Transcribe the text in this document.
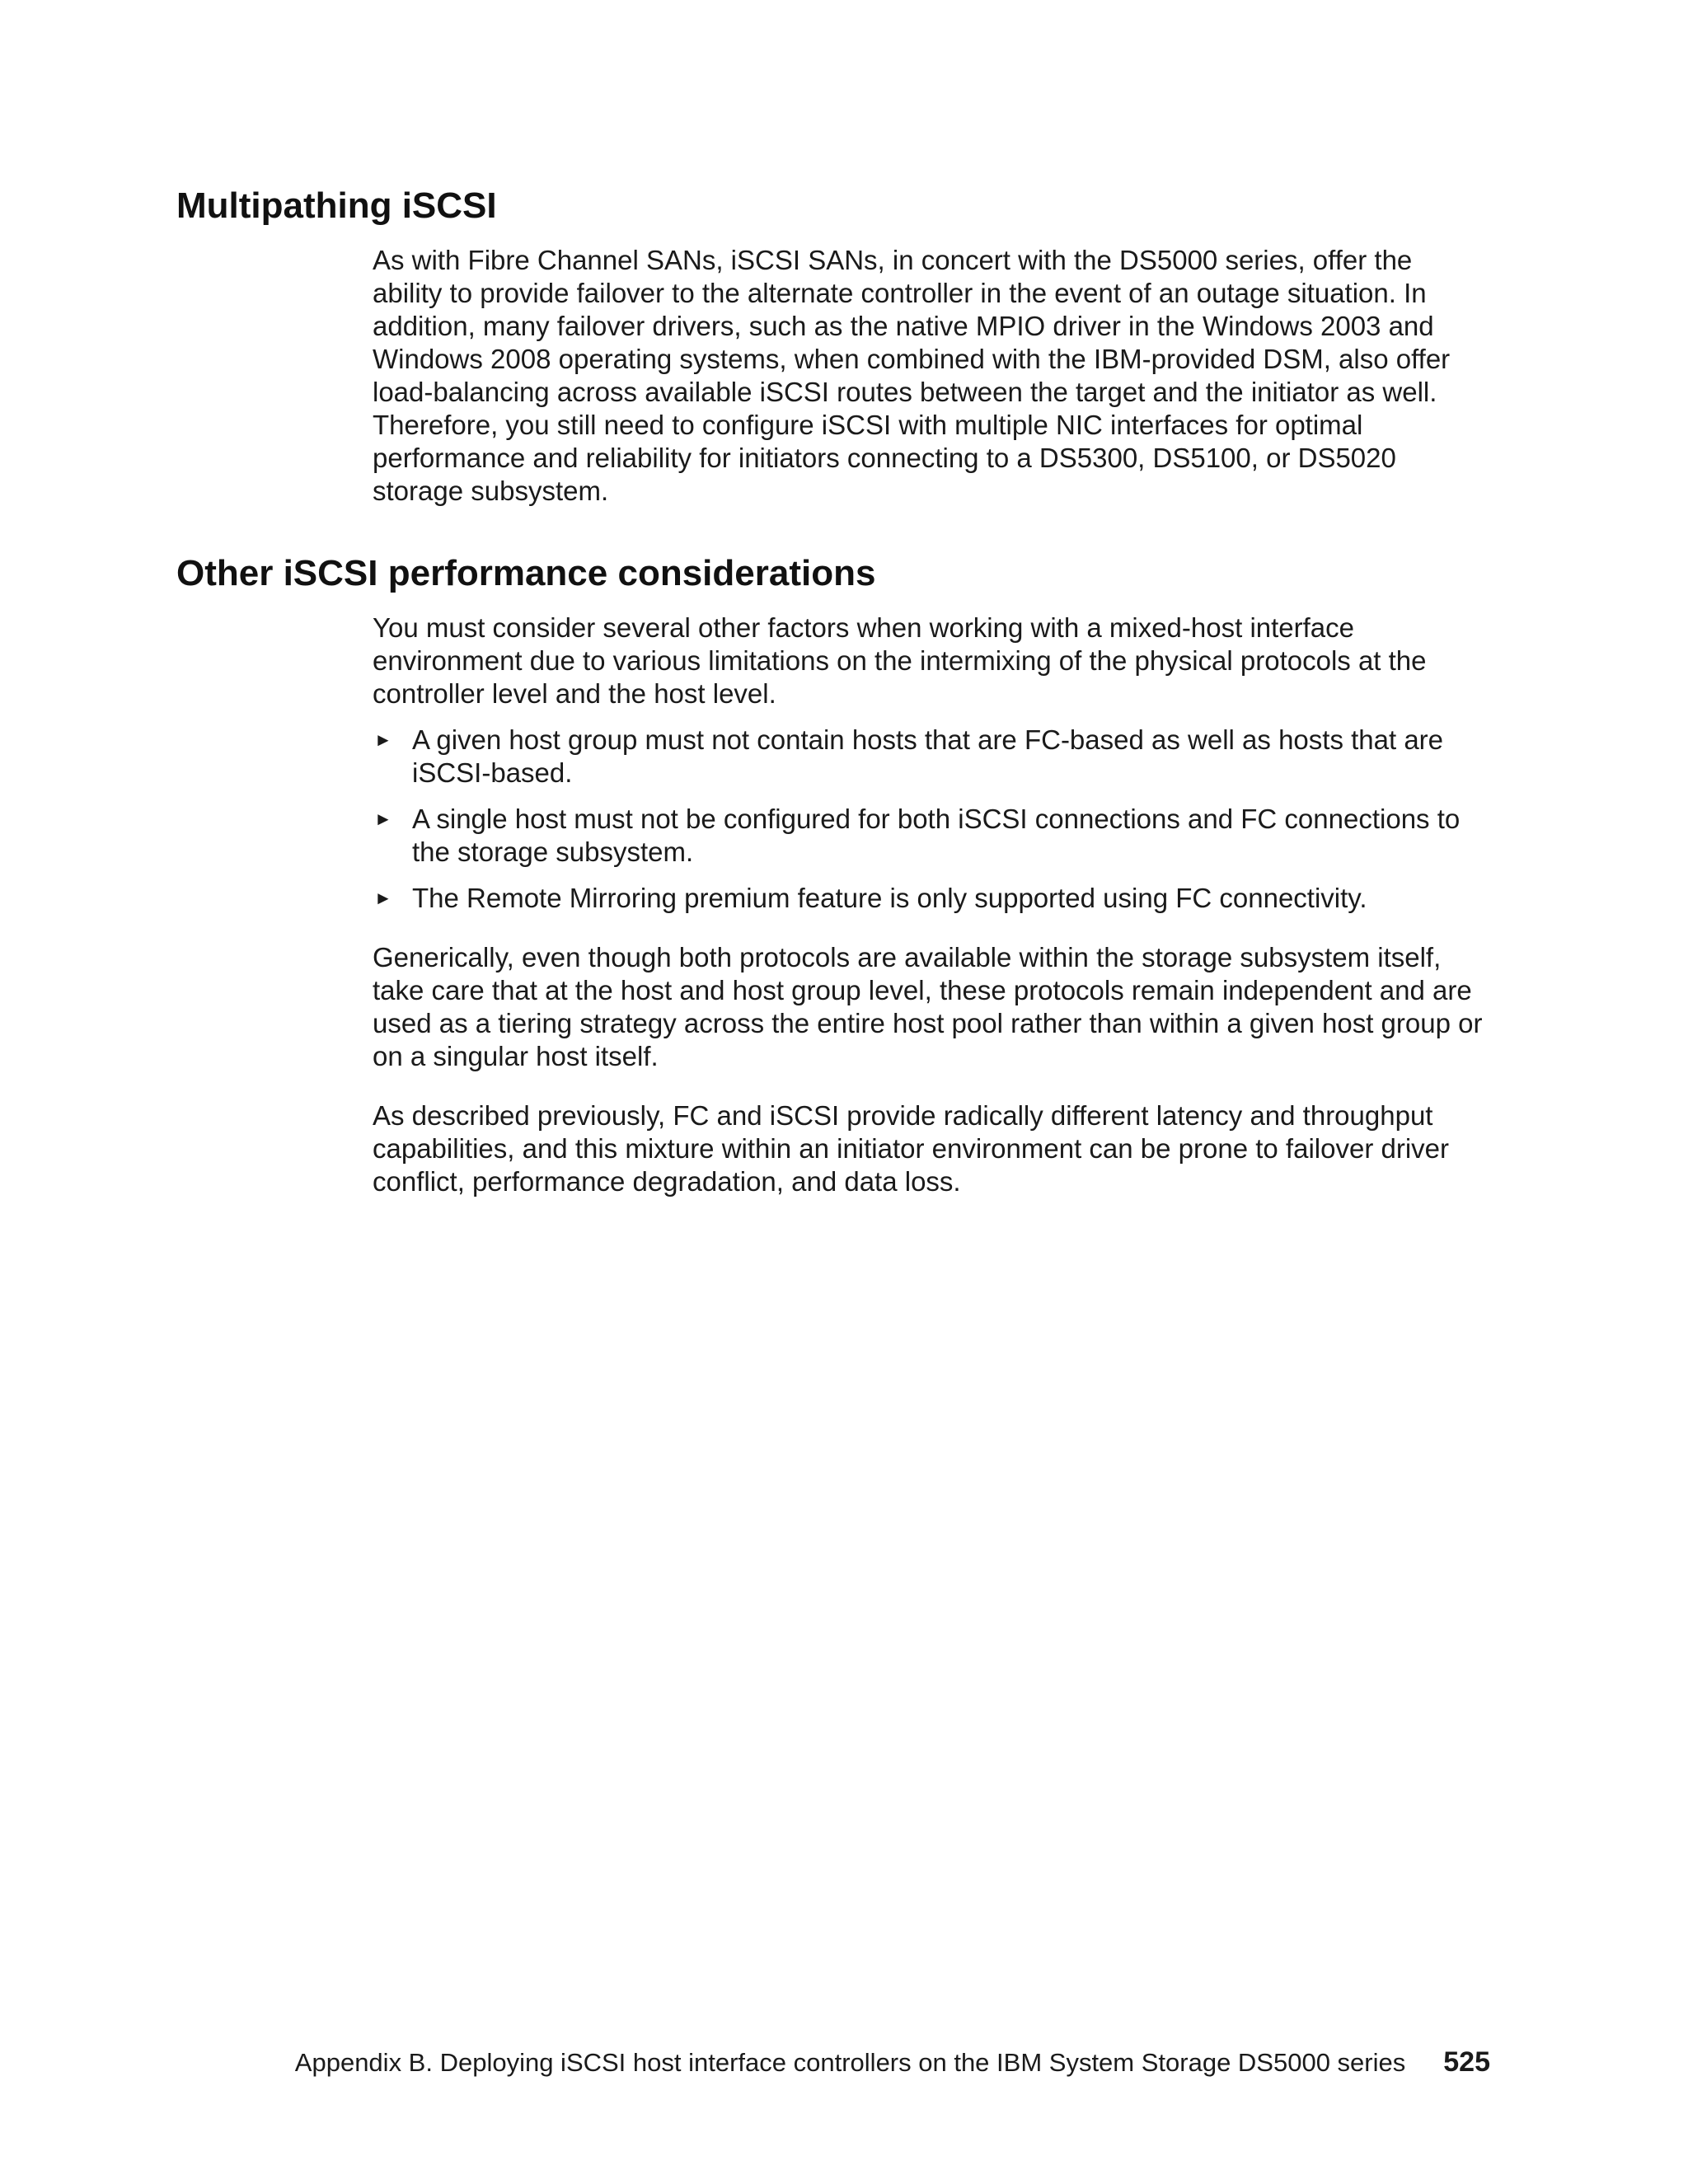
Multipathing iSCSI

As with Fibre Channel SANs, iSCSI SANs, in concert with the DS5000 series, offer the ability to provide failover to the alternate controller in the event of an outage situation. In addition, many failover drivers, such as the native MPIO driver in the Windows 2003 and Windows 2008 operating systems, when combined with the IBM-provided DSM, also offer load-balancing across available iSCSI routes between the target and the initiator as well. Therefore, you still need to configure iSCSI with multiple NIC interfaces for optimal performance and reliability for initiators connecting to a DS5300, DS5100, or DS5020 storage subsystem.

Other iSCSI performance considerations

You must consider several other factors when working with a mixed-host interface environment due to various limitations on the intermixing of the physical protocols at the controller level and the host level.

► A given host group must not contain hosts that are FC-based as well as hosts that are iSCSI-based.
► A single host must not be configured for both iSCSI connections and FC connections to the storage subsystem.
► The Remote Mirroring premium feature is only supported using FC connectivity.

Generically, even though both protocols are available within the storage subsystem itself, take care that at the host and host group level, these protocols remain independent and are used as a tiering strategy across the entire host pool rather than within a given host group or on a singular host itself.

As described previously, FC and iSCSI provide radically different latency and throughput capabilities, and this mixture within an initiator environment can be prone to failover driver conflict, performance degradation, and data loss.

Appendix B. Deploying iSCSI host interface controllers on the IBM System Storage DS5000 series 525
